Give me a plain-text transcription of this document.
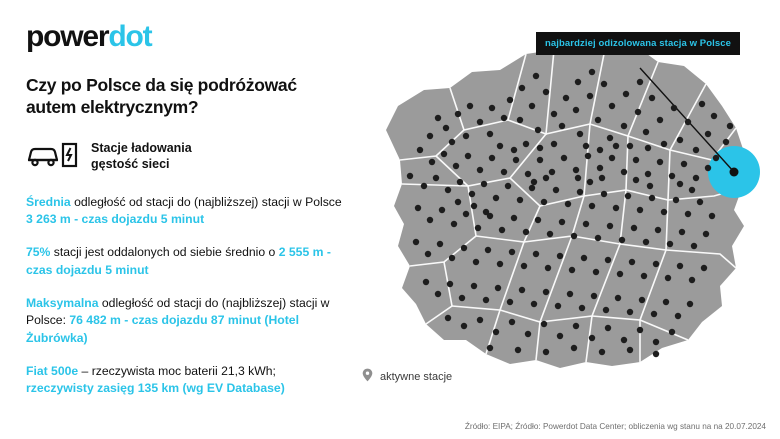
powerdot
Czy po Polsce da się podróżować autem elektrycznym?
Stacje ładowania
gęstość sieci
Średnia odległość od stacji do (najbliższej) stacji w Polsce 3 263 m - czas dojazdu 5 minut
75% stacji jest oddalonych od siebie średnio o 2 555 m - czas dojazdu 5 minut
Maksymalna odległość od stacji do (najbliższej) stacji w Polsce: 76 482 m - czas dojazdu 87 minut (Hotel Żubrówka)
Fiat 500e – rzeczywista moc baterii 21,3 kWh; rzeczywisty zasięg 135 km (wg EV Database)
najbardziej odizolowana stacja w Polsce
aktywne stacje
Źródło: EIPA; Źródło: Powerdot Data Center; obliczenia wg stanu na na 20.07.2024
